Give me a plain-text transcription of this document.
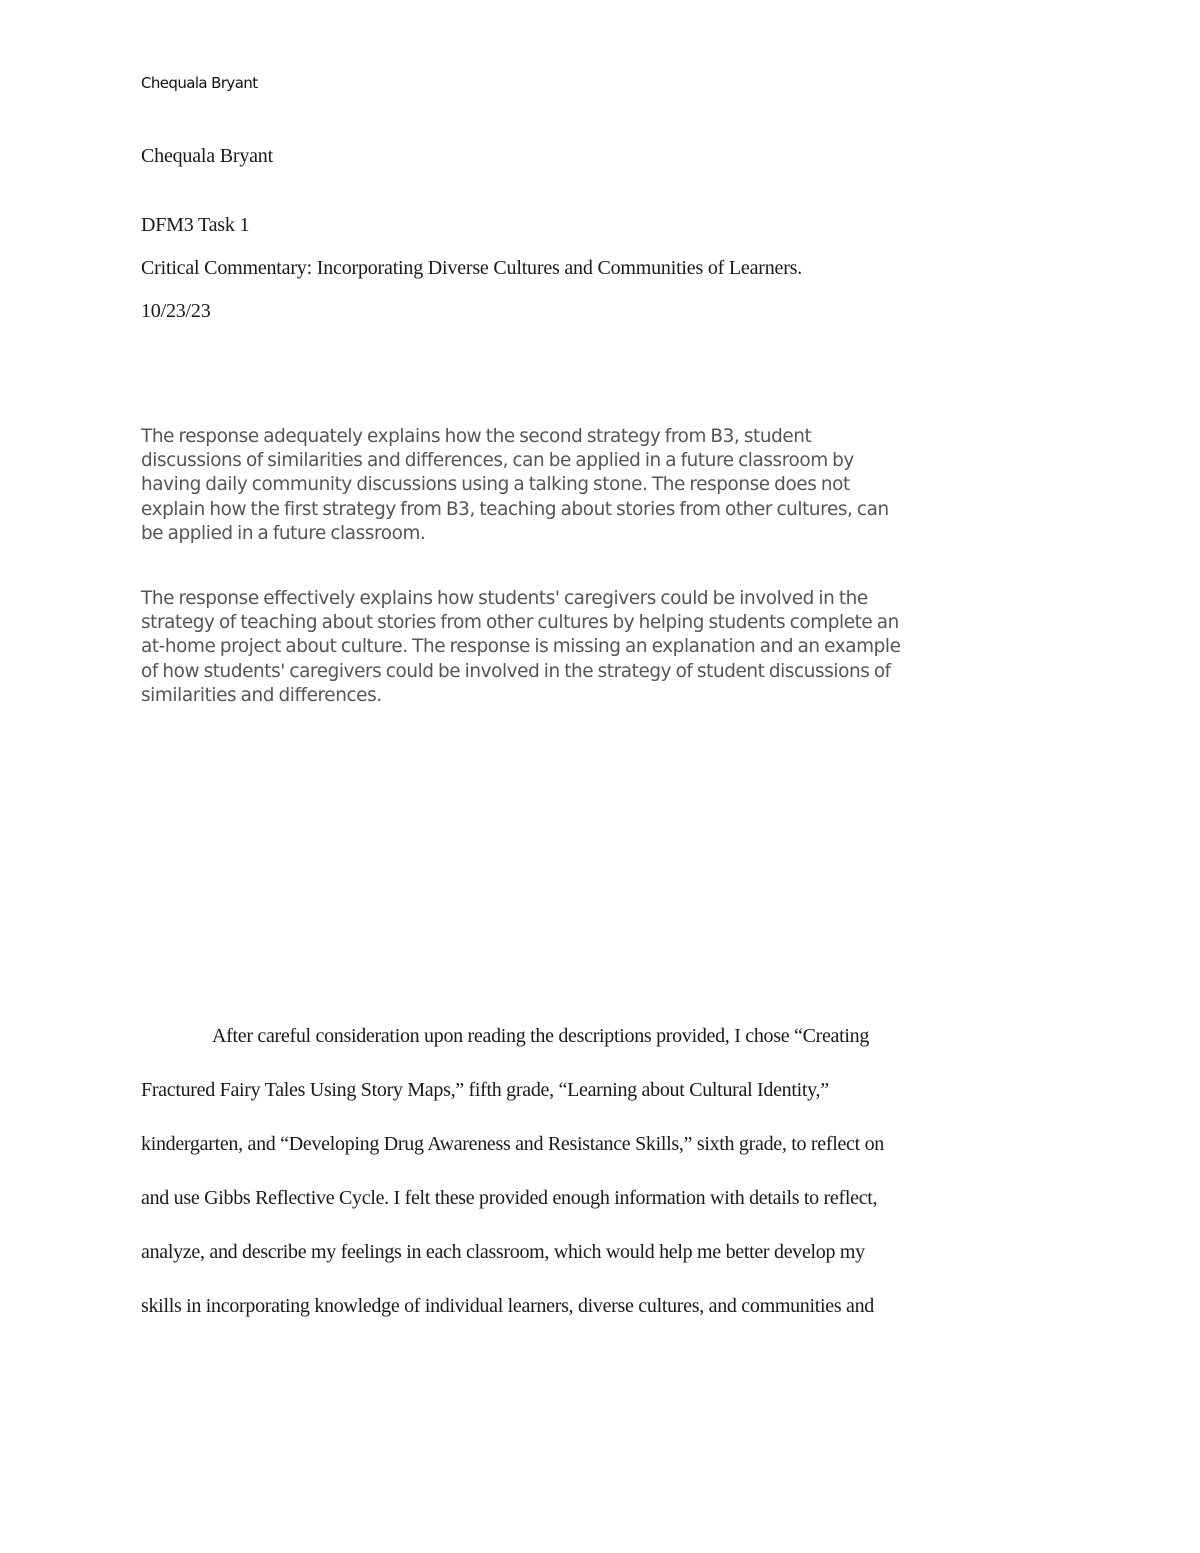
Chequala Bryant
Chequala Bryant
DFM3 Task 1
Critical Commentary: Incorporating Diverse Cultures and Communities of Learners.
10/23/23
The response adequately explains how the second strategy from B3, student
discussions of similarities and differences, can be applied in a future classroom by
having daily community discussions using a talking stone. The response does not
explain how the first strategy from B3, teaching about stories from other cultures, can
be applied in a future classroom.
The response effectively explains how students' caregivers could be involved in the
strategy of teaching about stories from other cultures by helping students complete an
at-home project about culture. The response is missing an explanation and an example
of how students' caregivers could be involved in the strategy of student discussions of
similarities and differences.
After careful consideration upon reading the descriptions provided, I chose “Creating
Fractured Fairy Tales Using Story Maps,” fifth grade, “Learning about Cultural Identity,”
kindergarten, and “Developing Drug Awareness and Resistance Skills,” sixth grade, to reflect on
and use Gibbs Reflective Cycle. I felt these provided enough information with details to reflect,
analyze, and describe my feelings in each classroom, which would help me better develop my
skills in incorporating knowledge of individual learners, diverse cultures, and communities and
